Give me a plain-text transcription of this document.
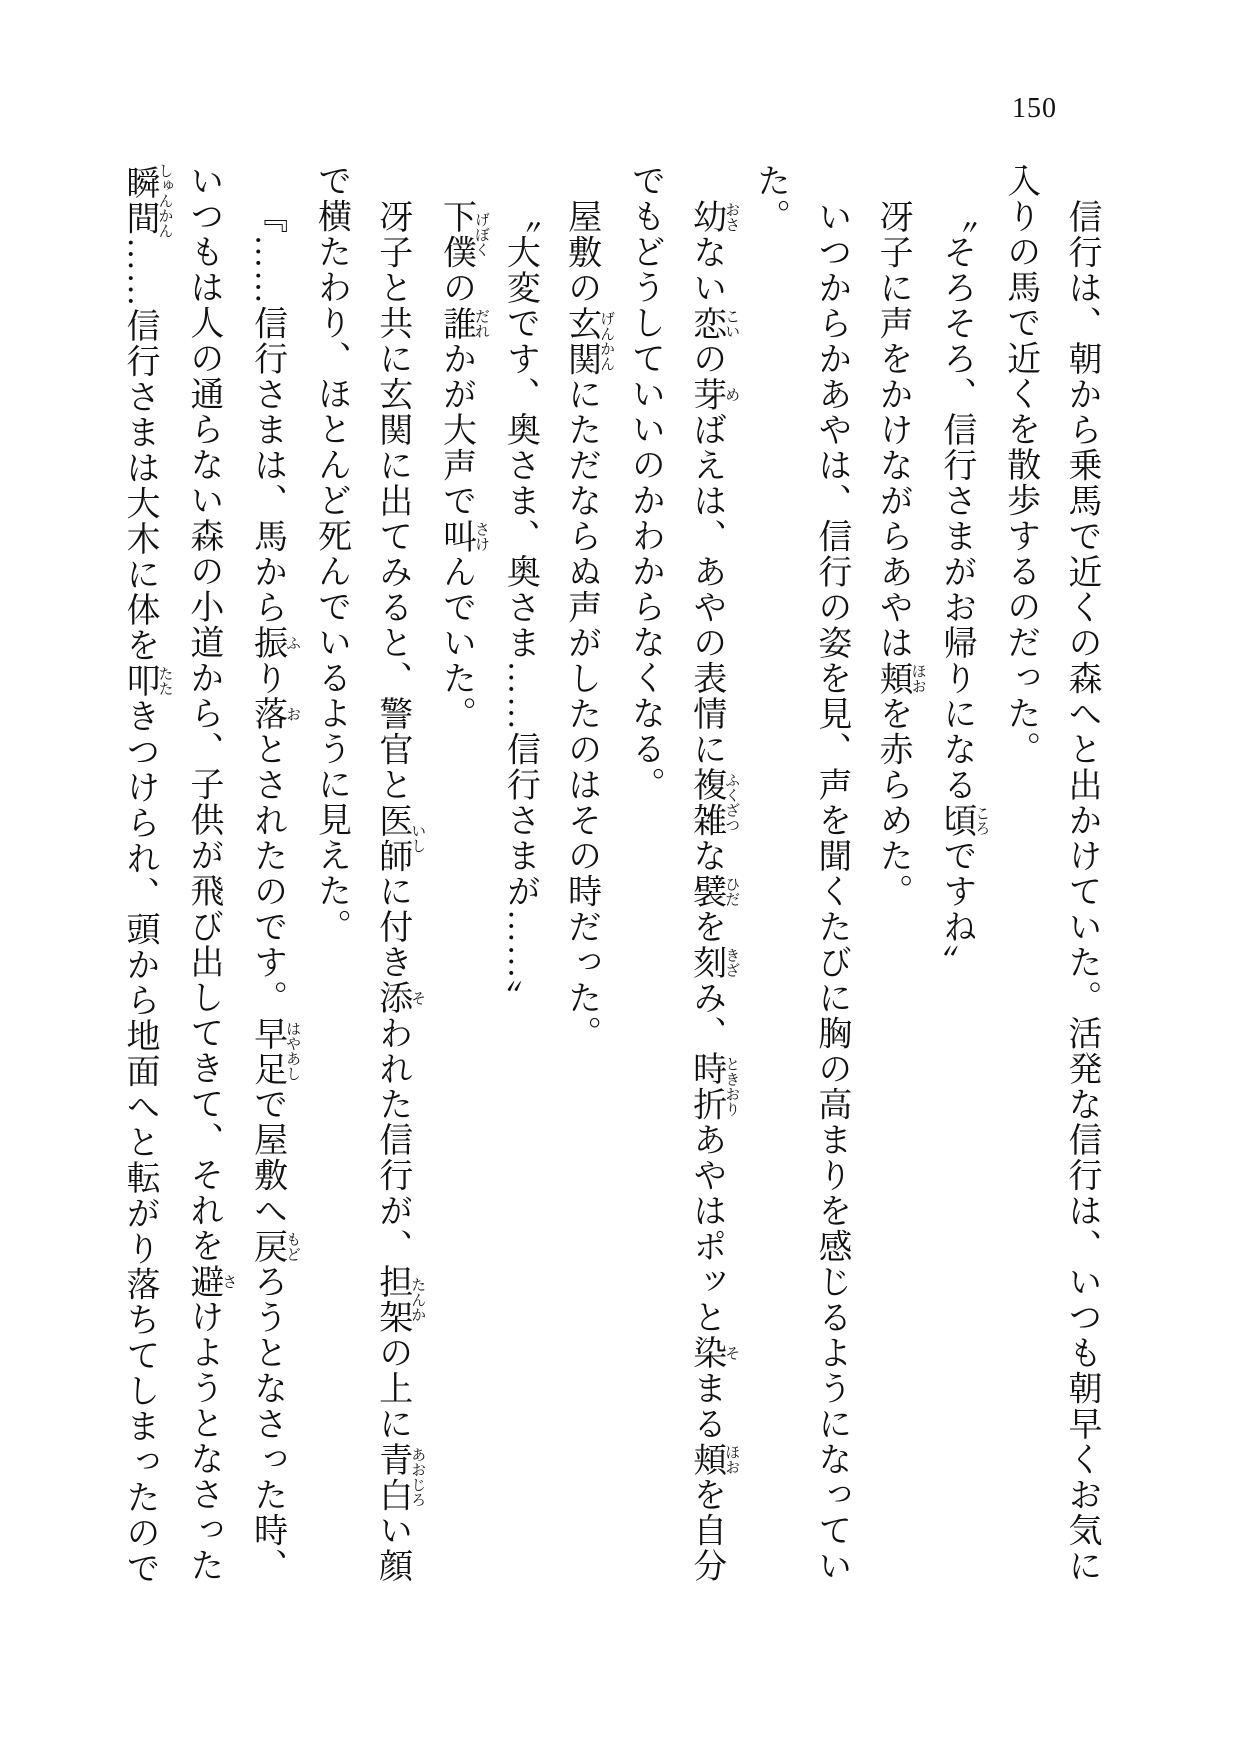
150

信行は、朝から乗馬で近くの森へと出かけていた。活発な信行は、いつも朝早くお気に

入りの馬で近くを散歩するのだった。

〝そろそろ、信行さまがお帰りになる頃ころですね〟

冴子に声をかけながらあやは頬ほおを赤らめた。

いつからかあやは、信行の姿を見、声を聞くたびに胸の高まりを感じるようになってい

た。

幼おさない恋こいの芽めばえは、あやの表情に複雑ふくざつな襞ひだを刻きざみ、時折ときおりあやはポッと染そまる頬ほおを自分

でもどうしていいのかわからなくなる。

屋敷の玄関げんかんにただならぬ声がしたのはその時だった。

〝大変です、奥さま、奥さま……信行さまが……〟

下僕げぼくの誰だれかが大声で叫さけんでいた。

冴子と共に玄関に出てみると、警官と医師いしに付き添そわれた信行が、担架たんかの上に青白あおじろい顔

で横たわり、ほとんど死んでいるように見えた。

『……信行さまは、馬から振ふり落おとされたのです。早足はやあしで屋敷へ戻もどろうとなさった時、

いつもは人の通らない森の小道から、子供が飛び出してきて、それを避さけようとなさった

瞬間しゅんかん……信行さまは大木に体を叩たたきつけられ、頭から地面へと転がり落ちてしまったので
